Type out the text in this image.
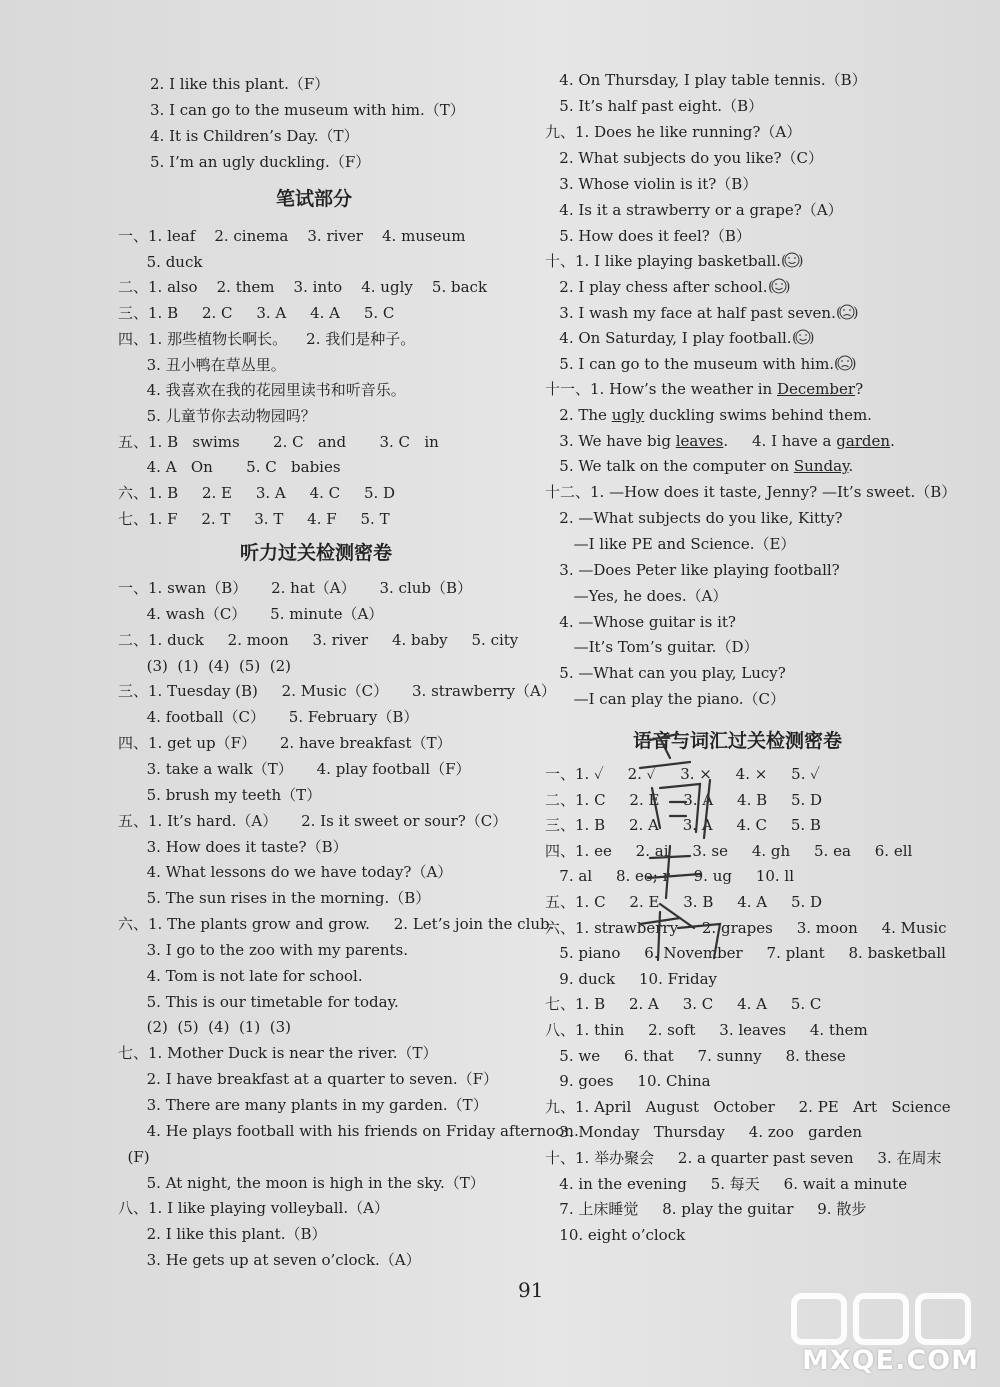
2. I like this plant.（F）
3. I can go to the museum with him.（T）
4. It is Children’s Day.（T）
5. I’m an ugly duckling.（F）
笔试部分
一、1. leaf    2. cinema    3. river    4. museum
5. duck
二、1. also    2. them    3. into    4. ugly    5. back
三、1. B     2. C     3. A     4. A     5. C
四、1. 那些植物长啊长。    2. 我们是种子。
3. 丑小鸭在草丛里。
4. 我喜欢在我的花园里读书和听音乐。
5. 儿童节你去动物园吗？
五、1. B   swims       2. C   and       3. C   in
4. A   On       5. C   babies
六、1. B     2. E     3. A     4. C     5. D
七、1. F     2. T     3. T     4. F     5. T
听力过关检测密卷
一、1. swan（B）     2. hat（A）     3. club（B）
4. wash（C）     5. minute（A）
二、1. duck     2. moon     3. river     4. baby     5. city
(3)  (1)  (4)  (5)  (2)
三、1. Tuesday (B)     2. Music（C）     3. strawberry（A）
4. football（C）     5. February（B）
四、1. get up（F）     2. have breakfast（T）
3. take a walk（T）     4. play football（F）
5. brush my teeth（T）
五、1. It’s hard.（A）     2. Is it sweet or sour?（C）
3. How does it taste?（B）
4. What lessons do we have today?（A）
5. The sun rises in the morning.（B）
六、1. The plants grow and grow.     2. Let’s join the club.
3. I go to the zoo with my parents.
4. Tom is not late for school.
5. This is our timetable for today.
(2)  (5)  (4)  (1)  (3)
七、1. Mother Duck is near the river.（T）
2. I have breakfast at a quarter to seven.（F）
3. There are many plants in my garden.（T）
4. He plays football with his friends on Friday afternoon.
(F)
5. At night, the moon is high in the sky.（T）
八、1. I like playing volleyball.（A）
2. I like this plant.（B）
3. He gets up at seven o’clock.（A）
4. On Thursday, I play table tennis.（B）
5. It’s half past eight.（B）
九、1. Does he like running?（A）
2. What subjects do you like?（C）
3. Whose violin is it?（B）
4. Is it a strawberry or a grape?（A）
5. How does it feel?（B）
十、1. I like playing basketball. ( )
2. I play chess after school. ( )
3. I wash my face at half past seven. ( )
4. On Saturday, I play football. ( )
5. I can go to the museum with him. ( )
十一、1. How’s the weather in December?
2. The ugly duckling swims behind them.
3. We have big leaves.     4. I have a garden.
5. We talk on the computer on Sunday.
十二、1. —How does it taste, Jenny? —It’s sweet.（B）
2. —What subjects do you like, Kitty?
—I like PE and Science.（E）
3. —Does Peter like playing football?
—Yes, he does.（A）
4. —Whose guitar is it?
—It’s Tom’s guitar.（D）
5. —What can you play, Lucy?
—I can play the piano.（C）
语音与词汇过关检测密卷
一、1. ✓     2. ✓     3. ×     4. ×     5. ✓
二、1. C     2. E     3. A     4. B     5. D
三、1. B     2. A     3. A     4. C     5. B
四、1. ee     2. ai     3. se     4. gh     5. ea     6. ell
7. al     8. ee; r     9. ug     10. ll
五、1. C     2. E     3. B     4. A     5. D
六、1. strawberry     2. grapes     3. moon     4. Music
5. piano     6. November     7. plant     8. basketball
9. duck     10. Friday
七、1. B     2. A     3. C     4. A     5. C
八、1. thin     2. soft     3. leaves     4. them
5. we     6. that     7. sunny     8. these
9. goes     10. China
九、1. April   August   October     2. PE   Art   Science
3. Monday   Thursday     4. zoo   garden
十、1. 举办聚会     2. a quarter past seven     3. 在周末
4. in the evening     5. 每天     6. wait a minute
7. 上床睡觉     8. play the guitar     9. 散步
10. eight o’clock
91
MXQE.COM
